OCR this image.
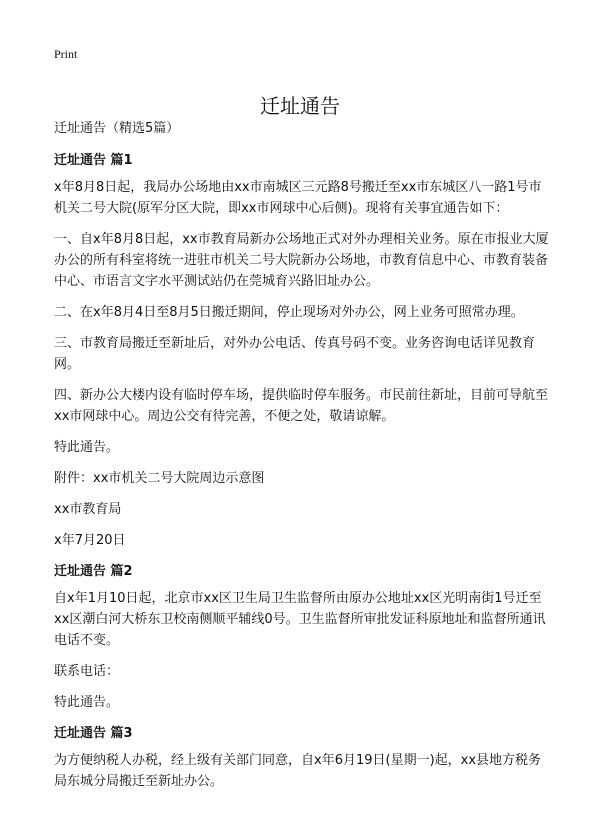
Print
迁址通告

迁址通告（精选5篇）

迁址通告 篇1

x年8月8日起，我局办公场地由xx市南城区三元路8号搬迁至xx市东城区八一路1号市机关二号大院(原军分区大院，即xx市网球中心后侧)。现将有关事宜通告如下：

一、自x年8月8日起，xx市教育局新办公场地正式对外办理相关业务。原在市报业大厦办公的所有科室将统一进驻市机关二号大院新办公场地，市教育信息中心、市教育装备中心、市语言文字水平测试站仍在莞城育兴路旧址办公。

二、在x年8月4日至8月5日搬迁期间，停止现场对外办公，网上业务可照常办理。

三、市教育局搬迁至新址后，对外办公电话、传真号码不变。业务咨询电话详见教育网。

四、新办公大楼内设有临时停车场，提供临时停车服务。市民前往新址，目前可导航至xx市网球中心。周边公交有待完善，不便之处，敬请谅解。

特此通告。

附件：xx市机关二号大院周边示意图

xx市教育局

x年7月20日

迁址通告 篇2

自x年1月10日起，北京市xx区卫生局卫生监督所由原办公地址xx区光明南街1号迁至xx区潮白河大桥东卫校南侧顺平辅线0号。卫生监督所审批发证科原地址和监督所通讯电话不变。

联系电话：

特此通告。

迁址通告 篇3

为方便纳税人办税，经上级有关部门同意，自x年6月19日(星期一)起，xx县地方税务局东城分局搬迁至新址办公。
